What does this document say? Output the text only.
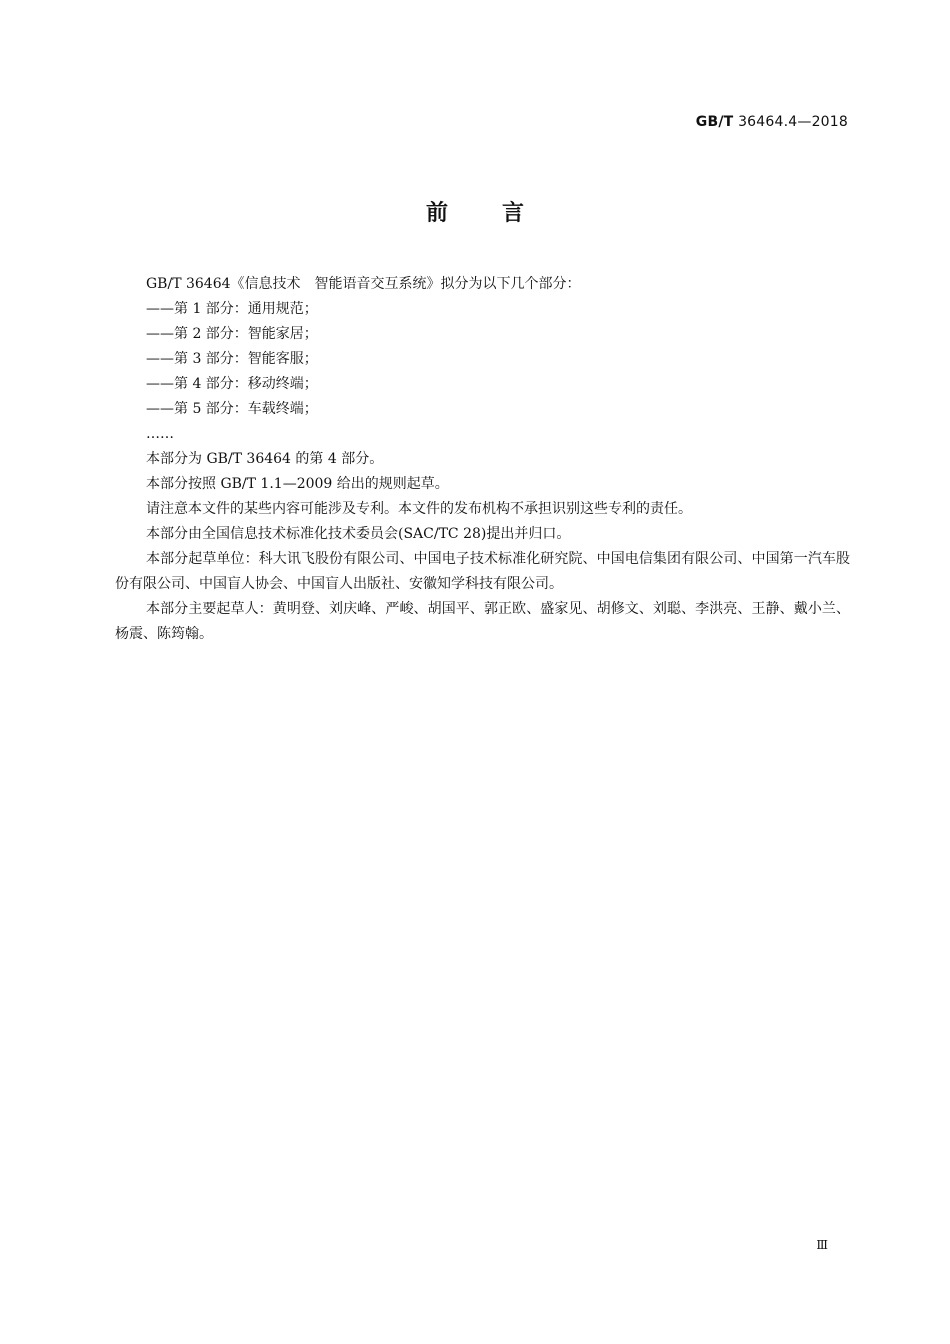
GB/T 36464.4—2018
前言
GB/T 36464《信息技术　智能语音交互系统》拟分为以下几个部分：
——第 1 部分：通用规范；
——第 2 部分：智能家居；
——第 3 部分：智能客服；
——第 4 部分：移动终端；
——第 5 部分：车载终端；
……
本部分为 GB/T 36464 的第 4 部分。
本部分按照 GB/T 1.1—2009 给出的规则起草。
请注意本文件的某些内容可能涉及专利。本文件的发布机构不承担识别这些专利的责任。
本部分由全国信息技术标准化技术委员会(SAC/TC 28)提出并归口。
本部分起草单位：科大讯飞股份有限公司、中国电子技术标准化研究院、中国电信集团有限公司、中国第一汽车股份有限公司、中国盲人协会、中国盲人出版社、安徽知学科技有限公司。
本部分主要起草人：黄明登、刘庆峰、严峻、胡国平、郭正欧、盛家见、胡修文、刘聪、李洪亮、王静、戴小兰、杨震、陈筠翰。
Ⅲ
